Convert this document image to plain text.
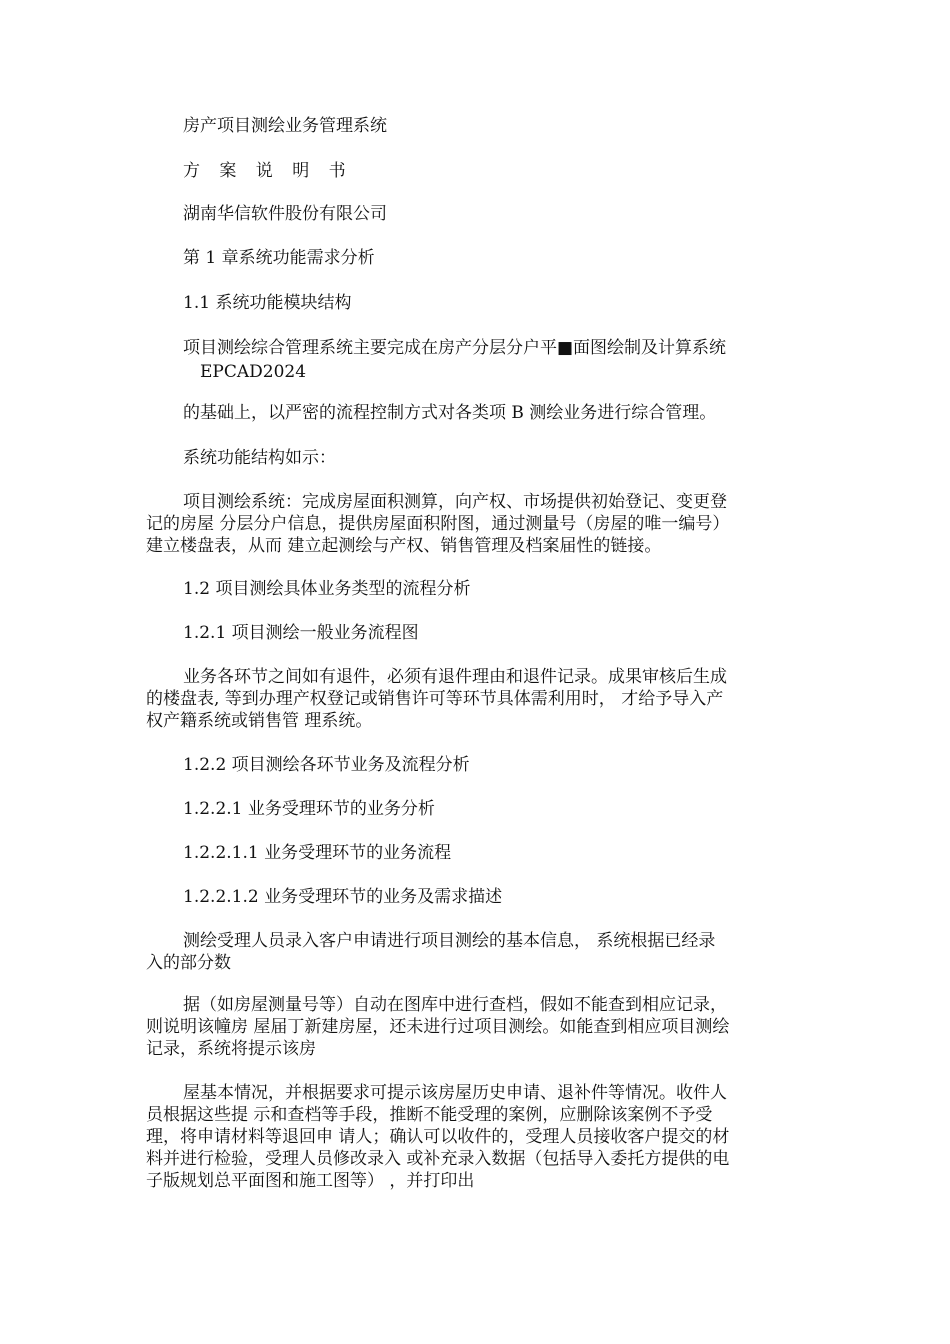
房产项目测绘业务管理系统
方 案 说 明 书
湖南华信软件股份有限公司
第 1 章系统功能需求分析
1.1 系统功能模块结构
项目测绘综合管理系统主要完成在房产分层分户平■面图绘制及计算系统
EPCAD2024
的基础上，以严密的流程控制方式对各类项 B 测绘业务进行综合管理。
系统功能结构如示：
项目测绘系统：完成房屋面积测算，向产权、市场提供初始登记、变更登
记的房屋 分层分户信息，提供房屋面积附图，通过测量号（房屋的唯一编号）
建立楼盘表，从而 建立起测绘与产权、销售管理及档案届性的链接。
1.2 项目测绘具体业务类型的流程分析
1.2.1 项目测绘一般业务流程图
业务各环节之间如有退件，必须有退件理由和退件记录。成果审核后生成
的楼盘表, 等到办理产权登记或销售许可等环节具体需利用时， 才给予导入产
权产籍系统或销售管 理系统。
1.2.2 项目测绘各环节业务及流程分析
1.2.2.1 业务受理环节的业务分析
1.2.2.1.1 业务受理环节的业务流程
1.2.2.1.2 业务受理环节的业务及需求描述
测绘受理人员录入客户申请进行项目测绘的基本信息， 系统根据已经录
入的部分数
据（如房屋测量号等）自动在图库中进行查档，假如不能查到相应记录，
则说明该幢房 屋届丁新建房屋，还未进行过项目测绘。如能查到相应项目测绘
记录，系统将提示该房
屋基本情况，并根据要求可提示该房屋历史申请、退补件等情况。收件人
员根据这些提 示和查档等手段，推断不能受理的案例，应删除该案例不予受
理，将申请材料等退回申 请人；确认可以收件的，受理人员接收客户提交的材
料并进行检验，受理人员修改录入 或补充录入数据（包括导入委托方提供的电
子版规划总平面图和施工图等） ，并打印出
